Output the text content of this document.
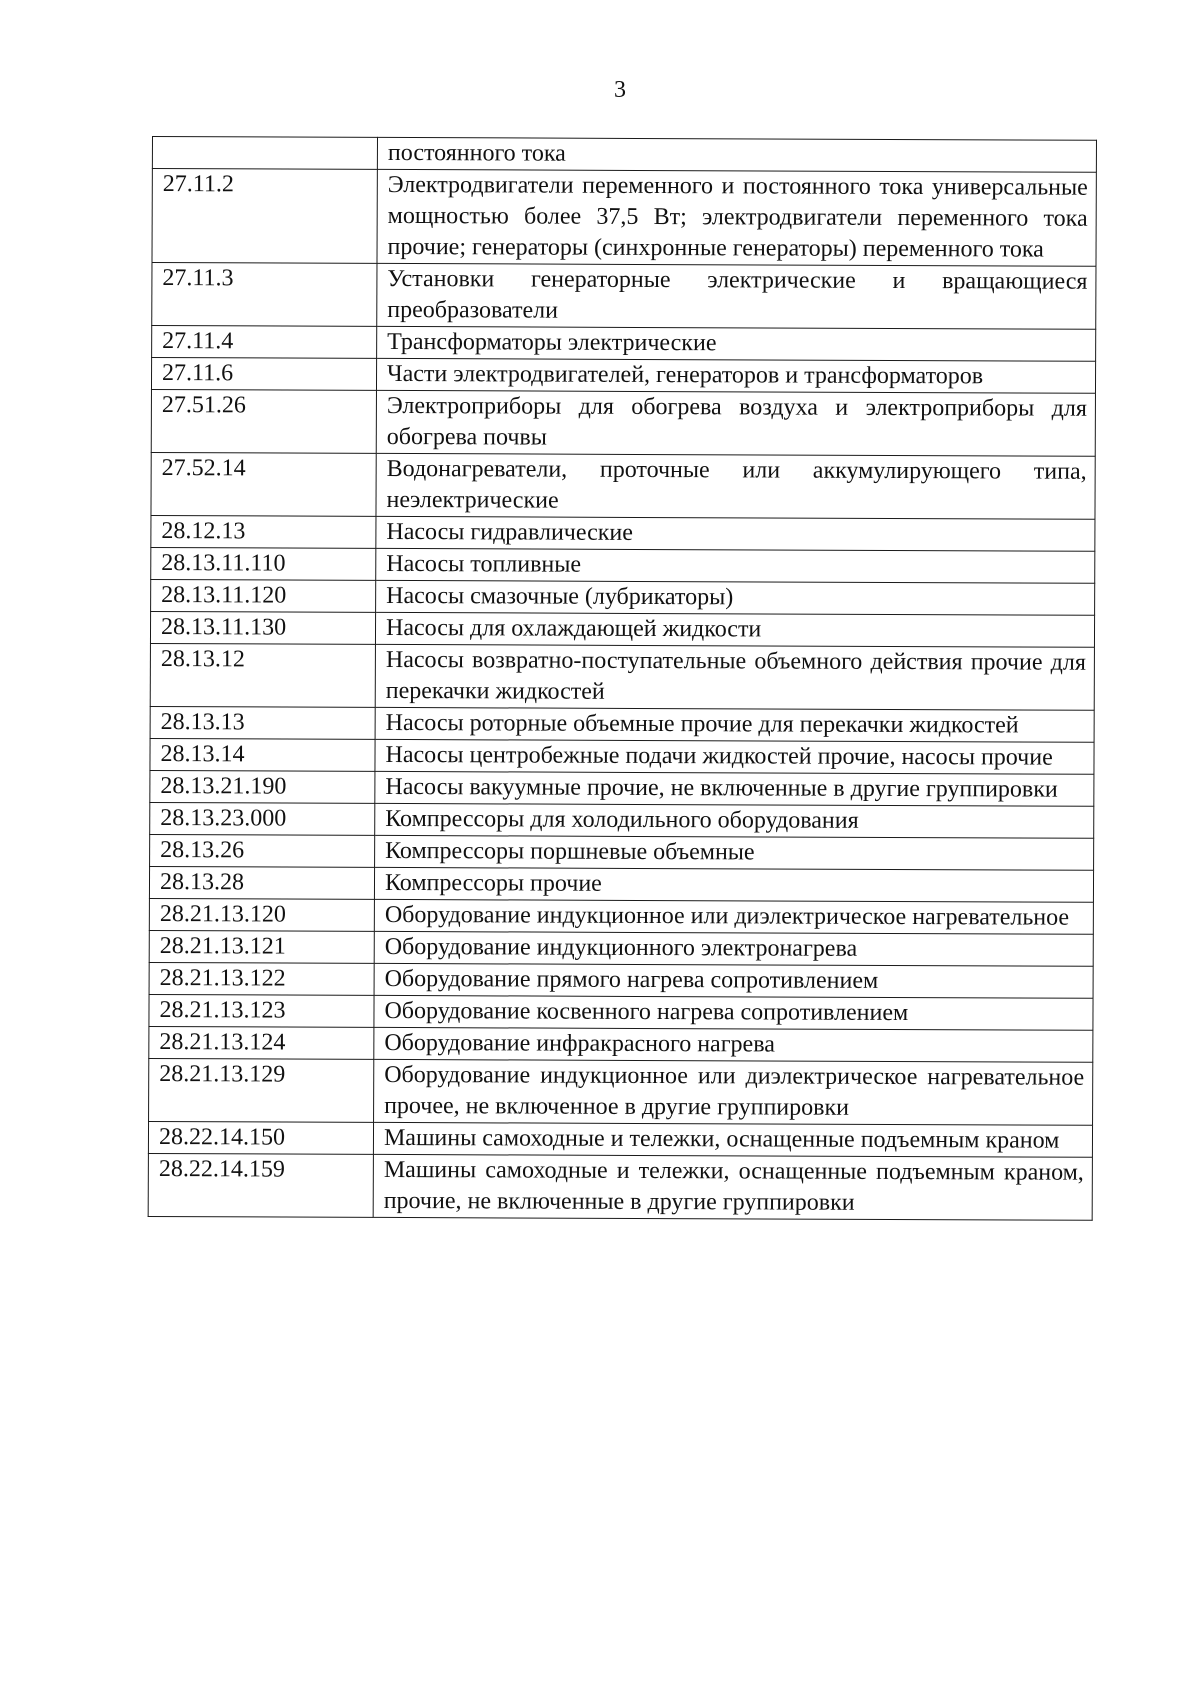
3
	постоянного тока
27.11.2	Электродвигатели переменного и постоянного тока универсальные мощностью более 37,5 Вт; электродвигатели переменного тока прочие; генераторы (синхронные генераторы) переменного тока
27.11.3	Установки генераторные электрические и вращающиеся преобразователи
27.11.4	Трансформаторы электрические
27.11.6	Части электродвигателей, генераторов и трансформаторов
27.51.26	Электроприборы для обогрева воздуха и электроприборы для обогрева почвы
27.52.14	Водонагреватели, проточные или аккумулирующего типа, неэлектрические
28.12.13	Насосы гидравлические
28.13.11.110	Насосы топливные
28.13.11.120	Насосы смазочные (лубрикаторы)
28.13.11.130	Насосы для охлаждающей жидкости
28.13.12	Насосы возвратно-поступательные объемного действия прочие для перекачки жидкостей
28.13.13	Насосы роторные объемные прочие для перекачки жидкостей
28.13.14	Насосы центробежные подачи жидкостей прочие, насосы прочие
28.13.21.190	Насосы вакуумные прочие, не включенные в другие группировки
28.13.23.000	Компрессоры для холодильного оборудования
28.13.26	Компрессоры поршневые объемные
28.13.28	Компрессоры прочие
28.21.13.120	Оборудование индукционное или диэлектрическое нагревательное
28.21.13.121	Оборудование индукционного электронагрева
28.21.13.122	Оборудование прямого нагрева сопротивлением
28.21.13.123	Оборудование косвенного нагрева сопротивлением
28.21.13.124	Оборудование инфракрасного нагрева
28.21.13.129	Оборудование индукционное или диэлектрическое нагревательное прочее, не включенное в другие группировки
28.22.14.150	Машины самоходные и тележки, оснащенные подъемным краном
28.22.14.159	Машины самоходные и тележки, оснащенные подъемным краном, прочие, не включенные в другие группировки
